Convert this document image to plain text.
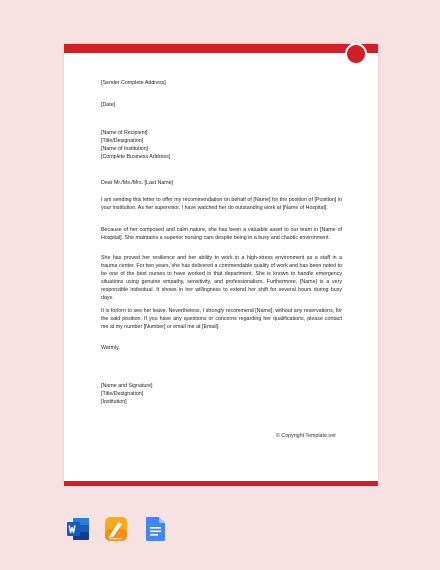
[Sender Complete Address]

[Date]

[Name of Recipient]

[Title/Designation]

[Name of Institution]

[Complete Business Address]

Dear Mr./Ms./Mrs. [Last Name]

I am sending this letter to offer my recommendation on behalf of [Name] for the position of [Position] in your institution. As her supervisor, I have watched her do outstanding work at [Name of Hospital].

Because of her composed and calm nature, she has been a valuable asset to our team in [Name of Hospital]. She maintains a superior nursing care despite being in a busy and chaotic environment.

She has proved her resilience and her ability to work in a high-stress environment as a staff in a trauma center. For two years, she has delivered a commendable quality of work and has been noted to be one of the best nurses to have worked in that department. She is known to handle emergency situations using genuine empathy, sensitivity, and professionalism. Furthermore, [Name] is a very responsible individual. It shows in her willingness to extend her shift for several hours during busy days.

It is forlorn to see her leave. Nevertheless, I strongly recommend [Name], without any reservations, for the said position. If you have any questions or concerns regarding her qualifications, please contact me at my number [Number] or email me at [Email].

Warmly,

[Name and Signature]

[Title/Designation]

[Institution]

© Copyright Template.net
